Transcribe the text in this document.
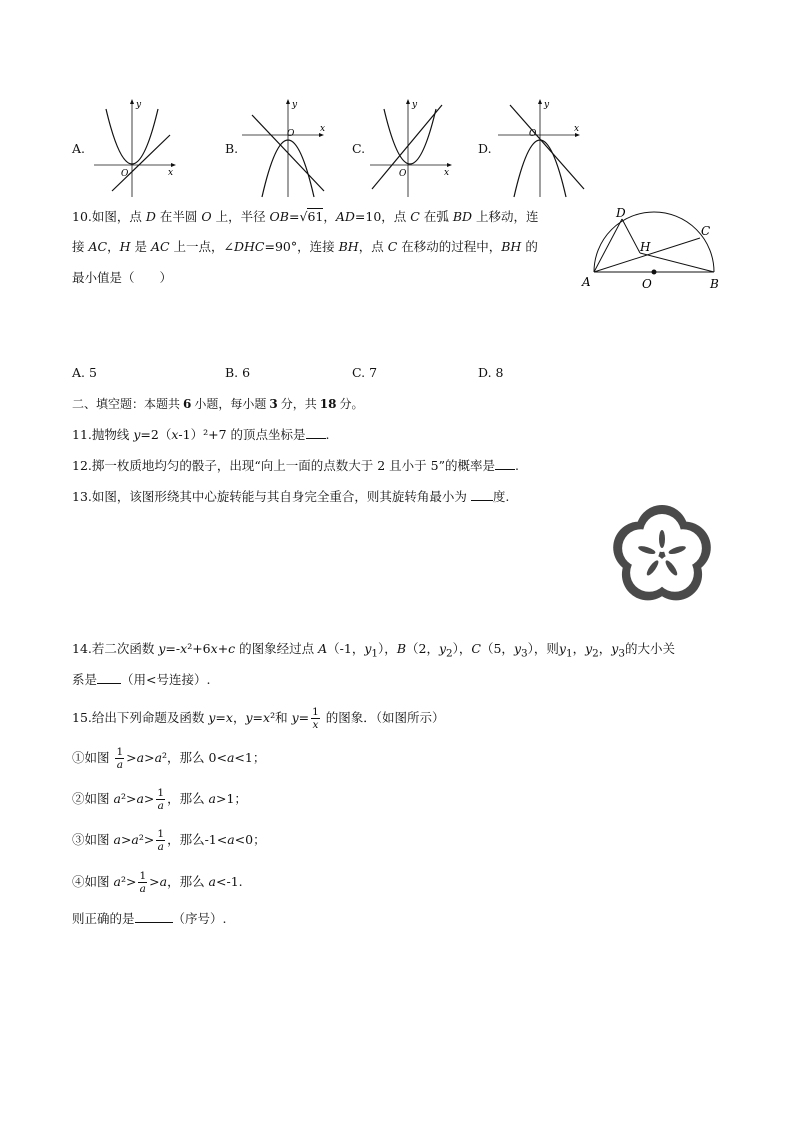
A.
y
x
O
B.
y
x
O
C.
y
x
O
D.
y
x
O
10.如图，点 D 在半圆 O 上，半径 OB=√61，AD=10，点 C 在弧 BD 上移动，连
接 AC，H 是 AC 上一点，∠DHC=90°，连接 BH，点 C 在移动的过程中，BH 的
最小值是（　　）	A	B
C
D
H
O
A. 5	B. 6	C. 7	D. 8
二、填空题：本题共 6 小题，每小题 3 分，共 18 分。
11.抛物线 y=2（x-1）²+7 的顶点坐标是 .
12.掷一枚质地均匀的骰子，出现“向上一面的点数大于 2 且小于 5”的概率是 .
13.如图，该图形绕其中心旋转能与其自身完全重合，则其旋转角最小为 度.
14.若二次函数 y=-x²+6x+c 的图象经过点 A（-1，$y_1$），B（2，$y_2$），C（5，$y_3$），则$y_1$，$y_2$，$y_3$的大小关
系是 （用<号连接）.
15.给出下列命题及函数 y=x，y=x²和 $y= \frac{1}{x}$ 的图象．（如图所示）
①如图 $\frac{1}{a} >a>a^2$，那么 0<a<1；
②如图 $a^2>a> \frac{1}{a}$ ，那么 a>1；
③如图 $a>a^2> \frac{1}{a}$ ，那么-1<a<0；
④如图 $a^2> \frac{1}{a} >a$，那么 a<-1.
则正确的是	（序号）.
